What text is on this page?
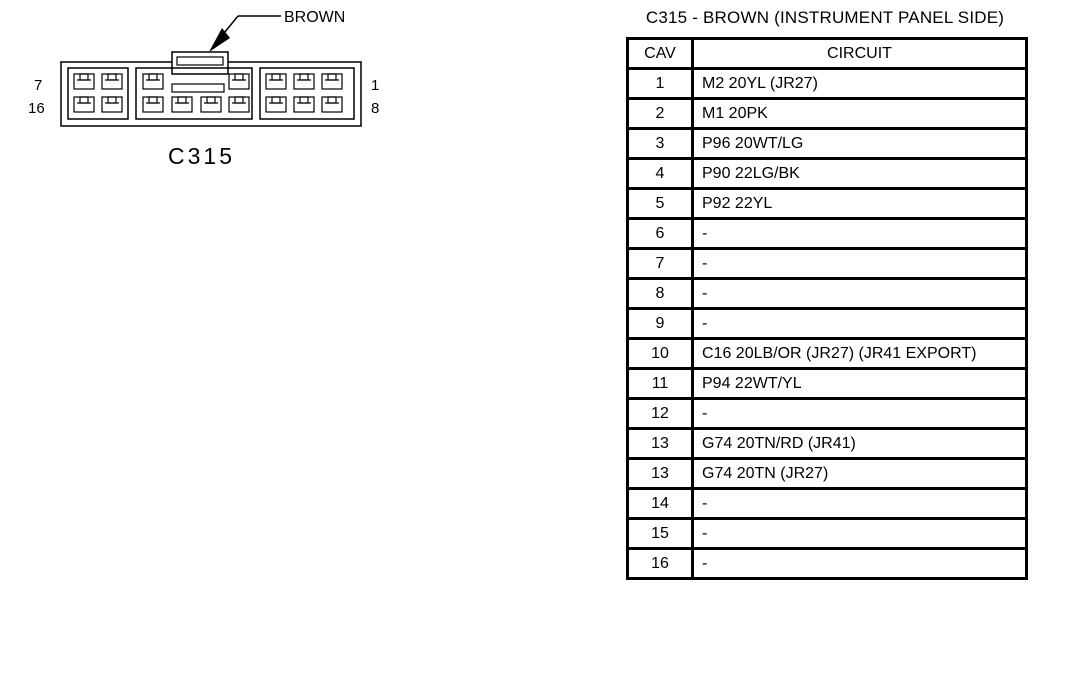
BROWN
7
16
1
8
C315
C315 - BROWN (INSTRUMENT PANEL SIDE)
CAV	CIRCUIT
1	M2 20YL (JR27)
2	M1 20PK
3	P96 20WT/LG
4	P90 22LG/BK
5	P92 22YL
6	-
7	-
8	-
9	-
10	C16 20LB/OR (JR27) (JR41 EXPORT)
11	P94 22WT/YL
12	-
13	G74 20TN/RD (JR41)
13	G74 20TN (JR27)
14	-
15	-
16	-
